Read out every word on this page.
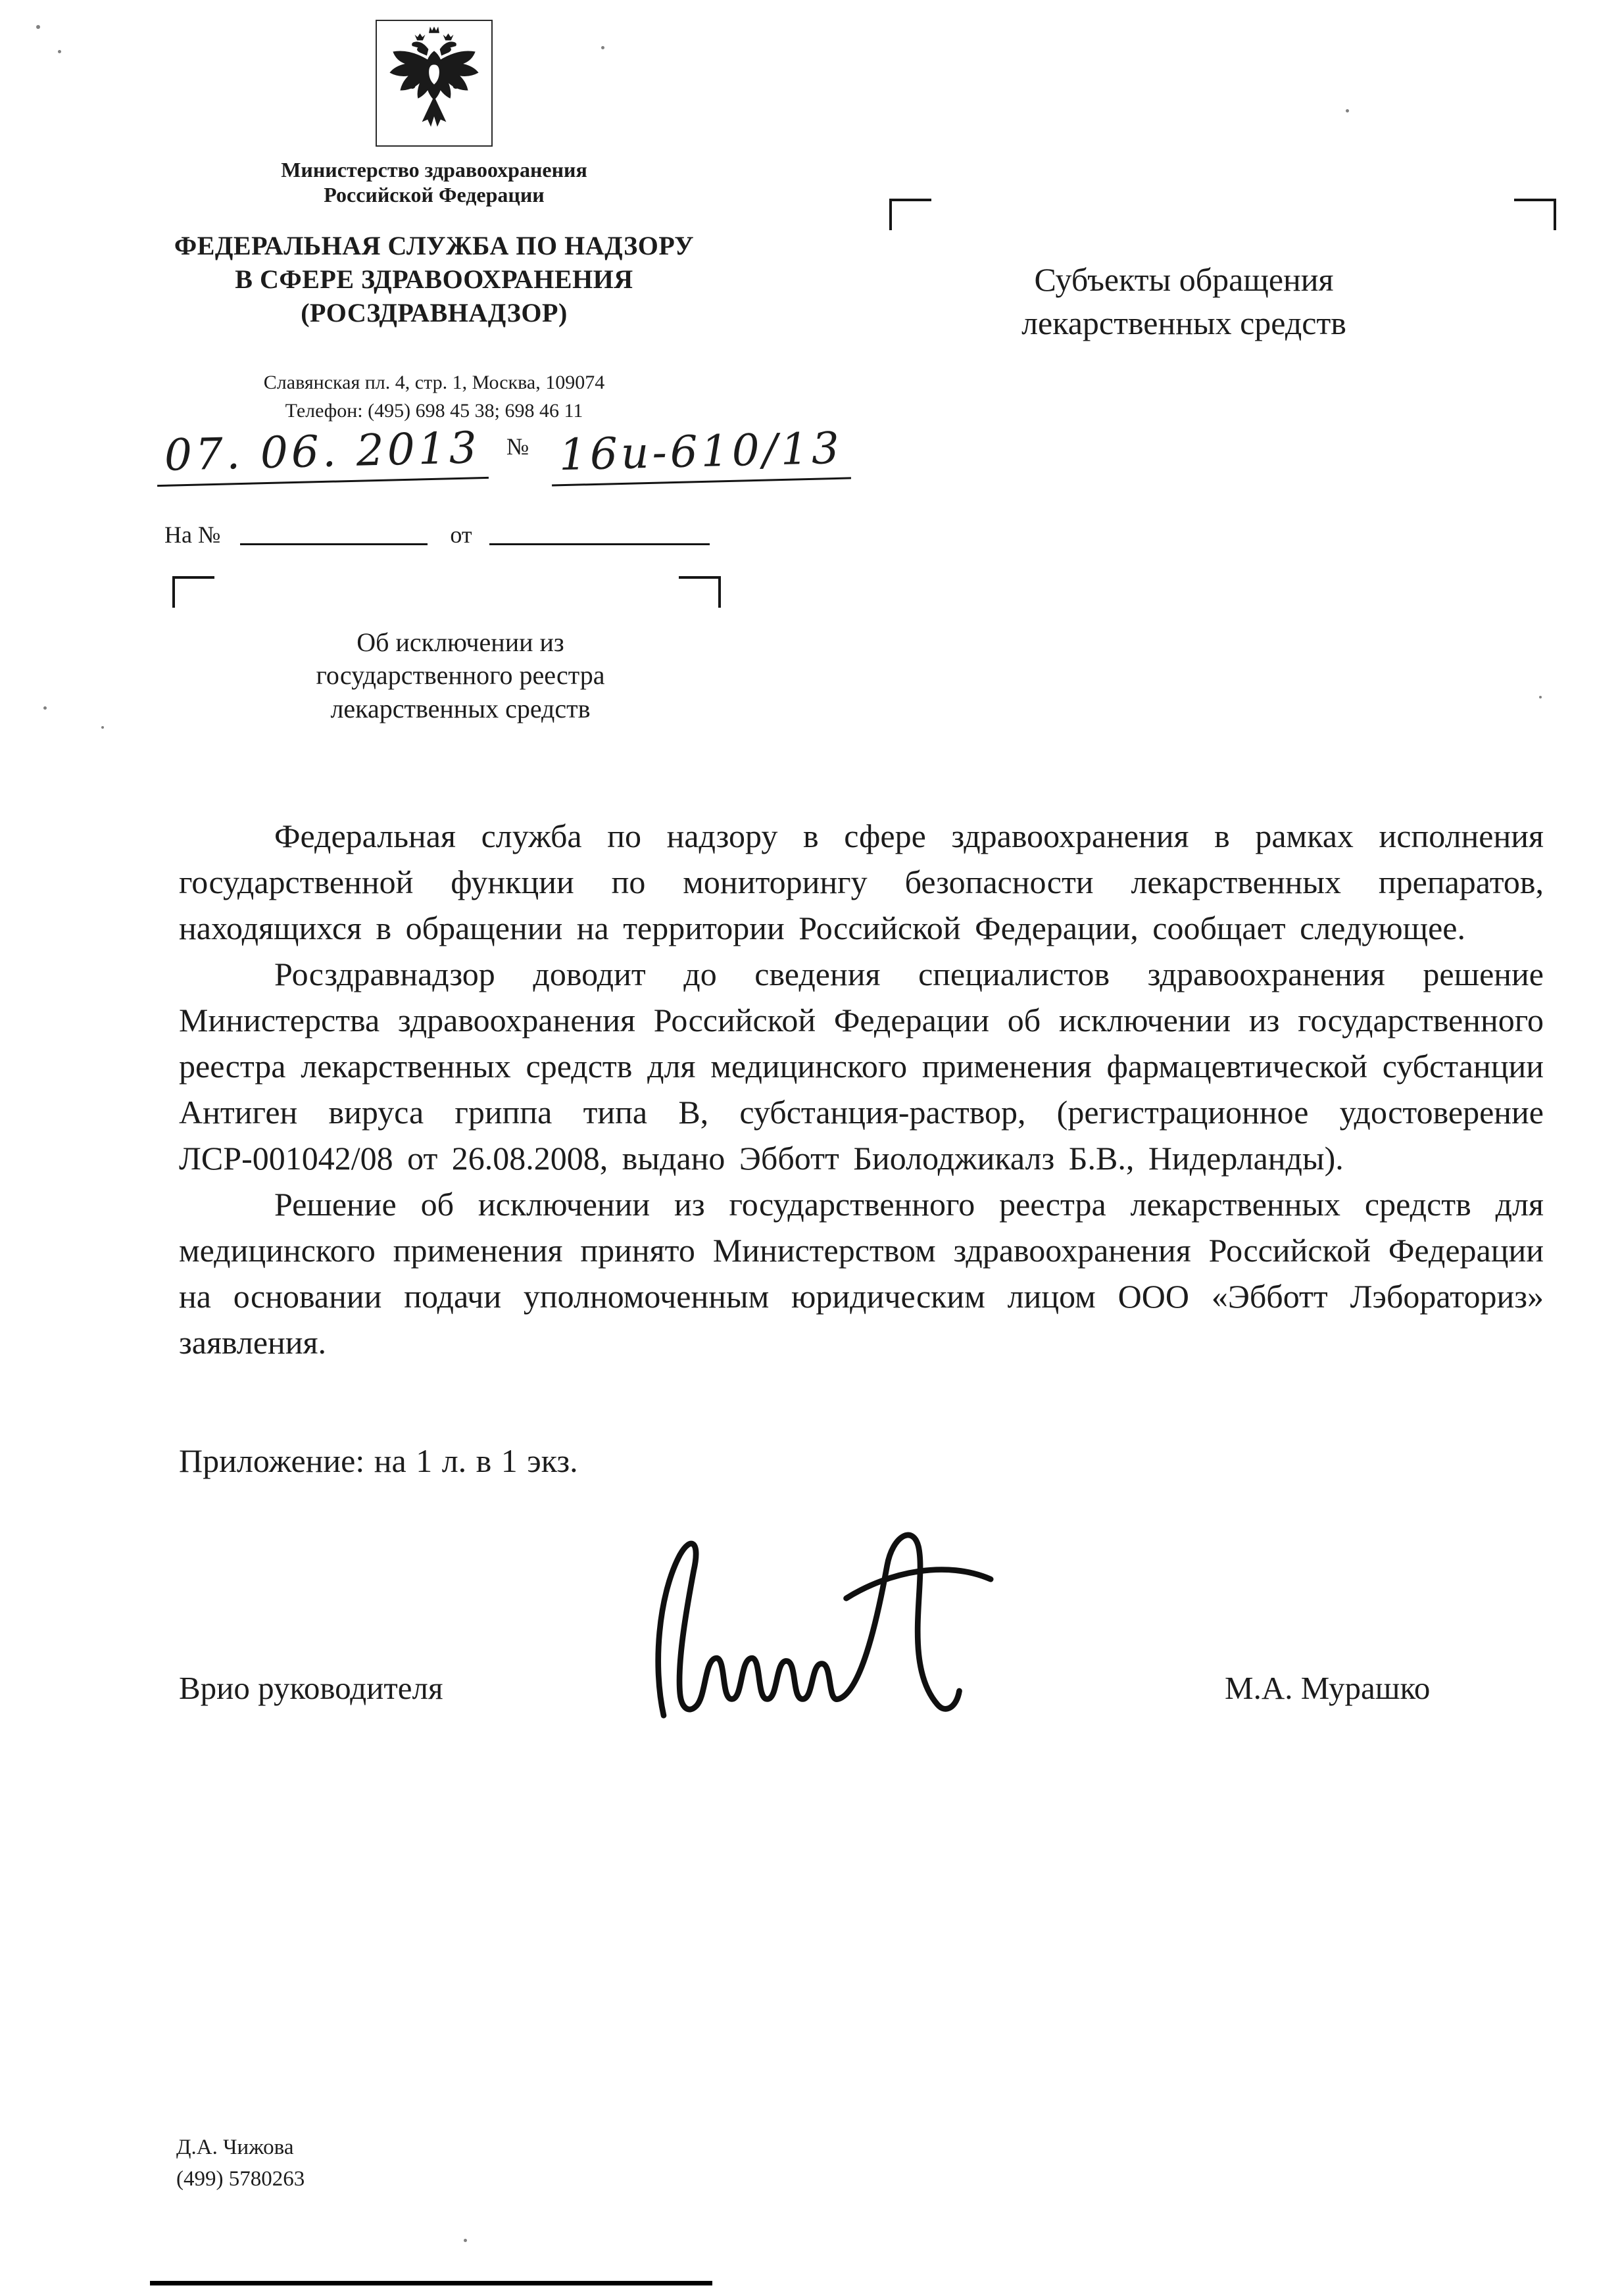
Министерство здравоохранения
Российской Федерации
ФЕДЕРАЛЬНАЯ СЛУЖБА ПО НАДЗОРУ
В СФЕРЕ ЗДРАВООХРАНЕНИЯ
(РОСЗДРАВНАДЗОР)
Славянская пл. 4, стр. 1, Москва, 109074
Телефон: (495) 698 45 38; 698 46 11
Субъекты обращения
лекарственных средств
07. 06. 2013 № 16и-610/13
На №	от
Об исключении из
государственного реестра
лекарственных средств

Федеральная служба по надзору в сфере здравоохранения в рамках исполнения государственной функции по мониторингу безопасности лекарственных препаратов, находящихся в обращении на территории Российской Федерации, сообщает следующее.

Росздравнадзор доводит до сведения специалистов здравоохранения решение Министерства здравоохранения Российской Федерации об исключении из государственного реестра лекарственных средств для медицинского применения фармацевтической субстанции Антиген вируса гриппа типа В, субстанция-раствор, (регистрационное удостоверение ЛСР-001042/08 от 26.08.2008, выдано Эбботт Биолоджикалз Б.В., Нидерланды).

Решение об исключении из государственного реестра лекарственных средств для медицинского применения принято Министерством здравоохранения Российской Федерации на основании подачи уполномоченным юридическим лицом ООО «Эбботт Лэбораториз» заявления.

Приложение: на 1 л. в 1 экз.

Врио руководителя	М.А. Мурашко
Д.А. Чижова
(499) 5780263
